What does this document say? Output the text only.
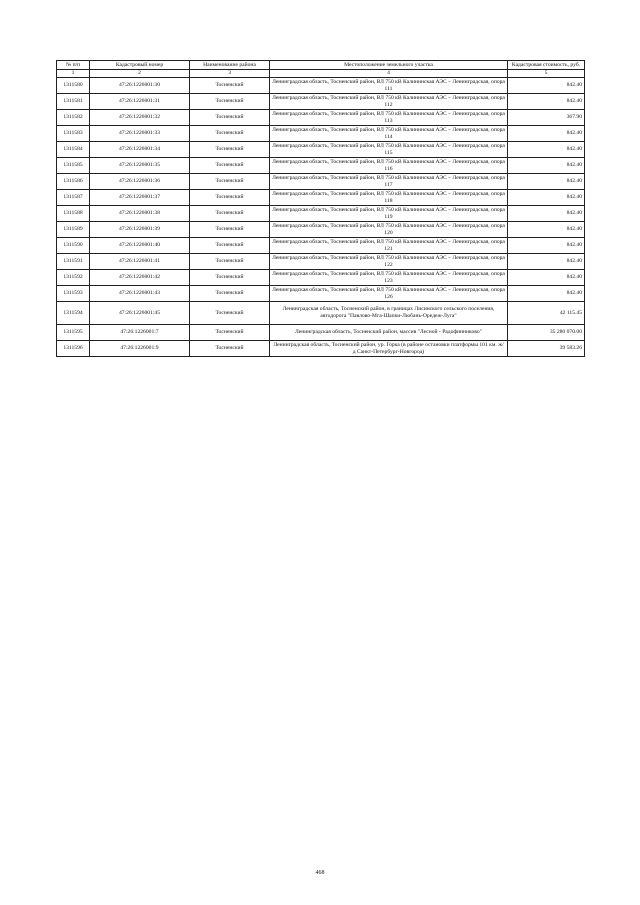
№ п/п	Кадастровый номер	Наименование района	Местоположение земельного участка	Кадастровая стоимость, руб.
1	2	3	4	5
1311580	47:26:1226001:30	Тосненский	Ленинградская область, Тосненский район, ВЛ 750 кВ Калининская АЭС – Ленинградская, опора 111	842.40
1311581	47:26:1226001:31	Тосненский	Ленинградская область, Тосненский район, ВЛ 750 кВ Калининская АЭС – Ленинградская, опора 112	842.40
1311582	47:26:1226001:32	Тосненский	Ленинградская область, Тосненский район, ВЛ 750 кВ Калининская АЭС – Ленинградская, опора 113	367.90
1311583	47:26:1226001:33	Тосненский	Ленинградская область, Тосненский район, ВЛ 750 кВ Калининская АЭС – Ленинградская, опора 114	842.40
1311584	47:26:1226001:34	Тосненский	Ленинградская область, Тосненский район, ВЛ 750 кВ Калининская АЭС – Ленинградская, опора 115	842.40
1311585	47:26:1226001:35	Тосненский	Ленинградская область, Тосненский район, ВЛ 750 кВ Калининская АЭС – Ленинградская, опора 116	842.40
1311586	47:26:1226001:36	Тосненский	Ленинградская область, Тосненский район, ВЛ 750 кВ Калининская АЭС – Ленинградская, опора 117	842.40
1311587	47:26:1226001:37	Тосненский	Ленинградская область, Тосненский район, ВЛ 750 кВ Калининская АЭС – Ленинградская, опора 118	842.40
1311588	47:26:1226001:38	Тосненский	Ленинградская область, Тосненский район, ВЛ 750 кВ Калининская АЭС – Ленинградская, опора 119	842.40
1311589	47:26:1226001:39	Тосненский	Ленинградская область, Тосненский район, ВЛ 750 кВ Калининская АЭС – Ленинградская, опора 120	842.40
1311590	47:26:1226001:40	Тосненский	Ленинградская область, Тосненский район, ВЛ 750 кВ Калининская АЭС – Ленинградская, опора 121	842.40
1311591	47:26:1226001:41	Тосненский	Ленинградская область, Тосненский район, ВЛ 750 кВ Калининская АЭС – Ленинградская, опора 122	842.40
1311592	47:26:1226001:42	Тосненский	Ленинградская область, Тосненский район, ВЛ 750 кВ Калининская АЭС – Ленинградская, опора 123	842.40
1311593	47:26:1226001:43	Тосненский	Ленинградская область, Тосненский район, ВЛ 750 кВ Калининская АЭС – Ленинградская, опора 126	842.40
1311594	47:26:1226001:45	Тосненский	Ленинградская область, Тосненский район, в границах Лисинского сельского поселения, автодорога "Павлово-Мга-Шапки-Любань-Оредеж-Луга"	42 115.45
1311595	47:26:1226001:7	Тосненский	Ленинградская область, Тосненский район, массив "Лесной - Радофинниково"	35 280 070.00
1311596	47:26:1226001:9	Тосненский	Ленинградская область, Тосненский район, ур. Горка (в районе остановки платформы 101 км. ж/д Санкт-Петербург-Новгород)	39 583.26
468
